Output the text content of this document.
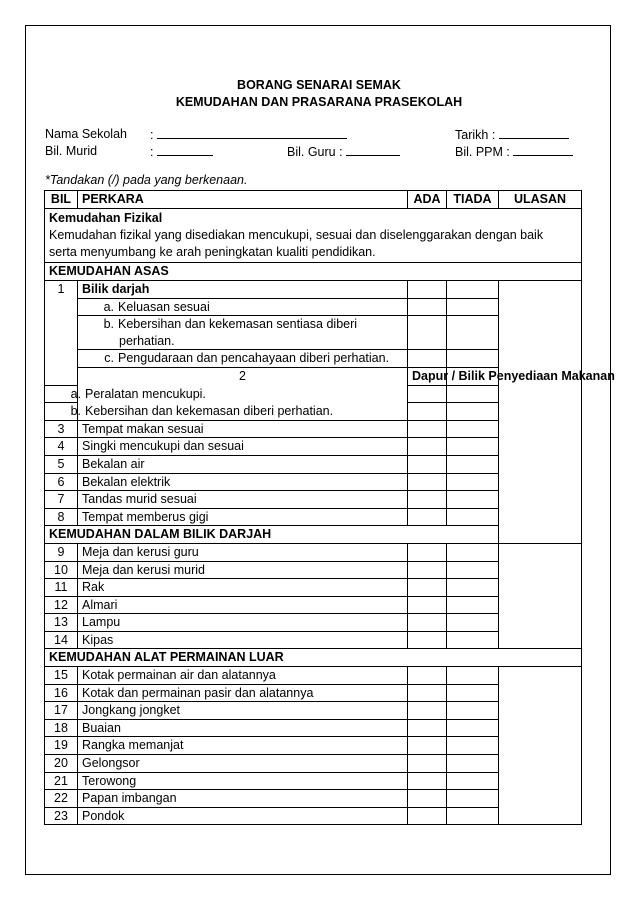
BORANG SENARAI SEMAK
KEMUDAHAN DAN PRASARANA PRASEKOLAH
Nama Sekolah :	Tarikh :
Bil. Murid	:	Bil. Guru :	Bil. PPM :
*Tandakan (/) pada yang berkenaan.
BIL	PERKARA	ADA	TIADA	ULASAN

Kemudahan Fizikal
Kemudahan fizikal yang disediakan mencukupi, sesuai dan diselenggarakan dengan baik
serta menyumbang ke arah peningkatan kualiti pendidikan.

KEMUDAHAN ASAS
1	Bilik darjah				
	a. Keluasan sesuai				
	b. Kebersihan dan kekemasan sentiasa diberi				
	perhatian.				
	c. Pengudaraan dan pencahayaan diberi perhatian.				
	2	Dapur / Bilik Penyediaan Makanan			
a. Peralatan mencukupi.					
b. Kebersihan dan kekemasan diberi perhatian.					
3	Tempat makan sesuai				
4	Singki mencukupi dan sesuai				
5	Bekalan air				
6	Bekalan elektrik				
7	Tandas murid sesuai				
8	Tempat memberus gigi				
KEMUDAHAN DALAM BILIK DARJAH					
9	Meja dan kerusi guru				
10	Meja dan kerusi murid				
11	Rak				
12	Almari				
13	Lampu				
14	Kipas				
KEMUDAHAN ALAT PERMAINAN LUAR					
15	Kotak permainan air dan alatannya				
16	Kotak dan permainan pasir dan alatannya				
17	Jongkang jongket				
18	Buaian				
19	Rangka memanjat				
20	Gelongsor				
21	Terowong				
22	Papan imbangan				
23	Pondok				
